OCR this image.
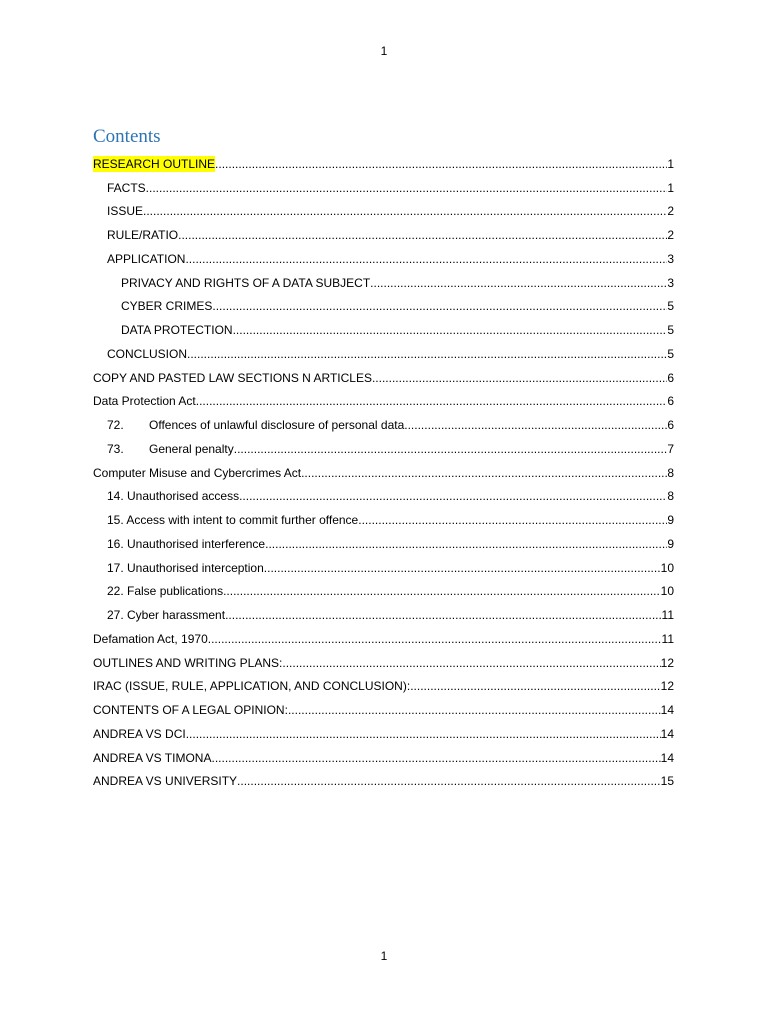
1
Contents
RESEARCH OUTLINE .....	1
FACTS .....	1
ISSUE .....	2
RULE/RATIO .....	2
APPLICATION .....	3
PRIVACY AND RIGHTS OF A DATA SUBJECT .....	3
CYBER CRIMES .....	5
DATA PROTECTION .....	5
CONCLUSION .....	5
COPY AND PASTED LAW SECTIONS N ARTICLES .....	6
Data Protection Act .....	6
72.	Offences of unlawful disclosure of personal data .....	6
73.	General penalty .....	7
Computer Misuse and Cybercrimes Act .....	8
14. Unauthorised access .....	8
15. Access with intent to commit further offence .....	9
16. Unauthorised interference .....	9
17. Unauthorised interception .....	10
22. False publications .....	10
27. Cyber harassment .....	11
Defamation Act, 1970 .....	11
OUTLINES AND WRITING PLANS: .....	12
IRAC (ISSUE, RULE, APPLICATION, AND CONCLUSION): .....	12
CONTENTS OF A LEGAL OPINION: .....	14
ANDREA VS DCI .....	14
ANDREA VS TIMONA .....	14
ANDREA VS UNIVERSITY .....	15
1
